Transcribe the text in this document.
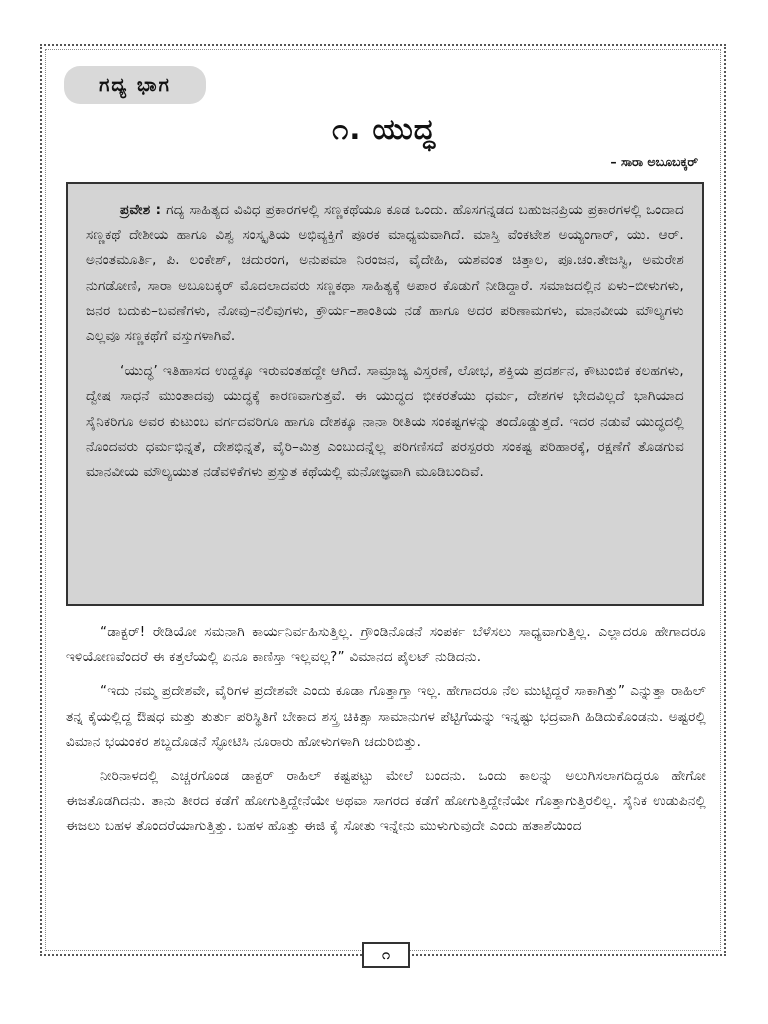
ಗದ್ಯ ಭಾಗ
೧. ಯುದ್ಧ
– ಸಾರಾ ಅಬೂಬಕ್ಕರ್

ಪ್ರವೇಶ : ಗದ್ಯ ಸಾಹಿತ್ಯದ ವಿವಿಧ ಪ್ರಕಾರಗಳಲ್ಲಿ ಸಣ್ಣಕಥೆಯೂ ಕೂಡ ಒಂದು. ಹೊಸಗನ್ನಡದ ಬಹುಜನಪ್ರಿಯ ಪ್ರಕಾರಗಳಲ್ಲಿ ಒಂದಾದ ಸಣ್ಣಕಥೆ ದೇಶೀಯ ಹಾಗೂ ವಿಶ್ವ ಸಂಸ್ಕೃತಿಯ ಅಭಿವ್ಯಕ್ತಿಗೆ ಪೂರಕ ಮಾಧ್ಯಮವಾಗಿದೆ. ಮಾಸ್ತಿ ವೆಂಕಟೇಶ ಅಯ್ಯಂಗಾರ್, ಯು. ಆರ್. ಅನಂತಮೂರ್ತಿ, ಪಿ. ಲಂಕೇಶ್, ಚದುರಂಗ, ಅನುಪಮಾ ನಿರಂಜನ, ವೈದೇಹಿ, ಯಶವಂತ ಚಿತ್ತಾಲ, ಪೂ.ಚಂ.ತೇಜಸ್ವಿ, ಅಮರೇಶ ನುಗಡೋಣಿ, ಸಾರಾ ಅಬೂಬಕ್ಕರ್ ಮೊದಲಾದವರು ಸಣ್ಣಕಥಾ ಸಾಹಿತ್ಯಕ್ಕೆ ಅಪಾರ ಕೊಡುಗೆ ನೀಡಿದ್ದಾರೆ. ಸಮಾಜದಲ್ಲಿನ ಏಳು–ಬೀಳುಗಳು, ಜನರ ಬದುಕು–ಬವಣೆಗಳು, ನೋವು–ನಲಿವುಗಳು, ಕ್ರೌರ್ಯ–ಶಾಂತಿಯ ನಡೆ ಹಾಗೂ ಅದರ ಪರಿಣಾಮಗಳು, ಮಾನವೀಯ ಮೌಲ್ಯಗಳು ಎಲ್ಲವೂ ಸಣ್ಣಕಥೆಗೆ ವಸ್ತುಗಳಾಗಿವೆ.

‘ಯುದ್ಧ’ ಇತಿಹಾಸದ ಉದ್ದಕ್ಕೂ ಇರುವಂತಹದ್ದೇ ಆಗಿದೆ. ಸಾಮ್ರಾಜ್ಯ ವಿಸ್ತರಣೆ, ಲೋಭ, ಶಕ್ತಿಯ ಪ್ರದರ್ಶನ, ಕೌಟುಂಬಿಕ ಕಲಹಗಳು, ದ್ವೇಷ ಸಾಧನೆ ಮುಂತಾದವು ಯುದ್ಧಕ್ಕೆ ಕಾರಣವಾಗುತ್ತವೆ. ಈ ಯುದ್ಧದ ಭೀಕರತೆಯು ಧರ್ಮ, ದೇಶಗಳ ಭೇದವಿಲ್ಲದೆ ಭಾಗಿಯಾದ ಸೈನಿಕರಿಗೂ ಅವರ ಕುಟುಂಬ ವರ್ಗದವರಿಗೂ ಹಾಗೂ ದೇಶಕ್ಕೂ ನಾನಾ ರೀತಿಯ ಸಂಕಷ್ಟಗಳನ್ನು ತಂದೊಡ್ಡುತ್ತದೆ. ಇದರ ನಡುವೆ ಯುದ್ಧದಲ್ಲಿ ನೊಂದವರು ಧರ್ಮಭಿನ್ನತೆ, ದೇಶಭಿನ್ನತೆ, ವೈರಿ–ಮಿತ್ರ ಎಂಬುದನ್ನೆಲ್ಲ ಪರಿಗಣಿಸದೆ ಪರಸ್ಪರರು ಸಂಕಷ್ಟ ಪರಿಹಾರಕ್ಕೆ, ರಕ್ಷಣೆಗೆ ತೊಡಗುವ ಮಾನವೀಯ ಮೌಲ್ಯಯುತ ನಡೆವಳಿಕೆಗಳು ಪ್ರಸ್ತುತ ಕಥೆಯಲ್ಲಿ ಮನೋಜ್ಞವಾಗಿ ಮೂಡಿಬಂದಿವೆ.

“ಡಾಕ್ಟರ್! ರೇಡಿಯೋ ಸಮನಾಗಿ ಕಾರ್ಯನಿರ್ವಹಿಸುತ್ತಿಲ್ಲ. ಗ್ರೌಂಡಿನೊಡನೆ ಸಂಪರ್ಕ ಬೆಳೆಸಲು ಸಾಧ್ಯವಾಗುತ್ತಿಲ್ಲ. ಎಲ್ಲಾದರೂ ಹೇಗಾದರೂ ಇಳಿಯೋಣವೆಂದರೆ ಈ ಕತ್ತಲೆಯಲ್ಲಿ ಏನೂ ಕಾಣಿಸ್ತಾ ಇಲ್ಲವಲ್ಲ?” ವಿಮಾನದ ಪೈಲಟ್ ನುಡಿದನು.

“ಇದು ನಮ್ಮ ಪ್ರದೇಶವೇ, ವೈರಿಗಳ ಪ್ರದೇಶವೇ ಎಂದು ಕೂಡಾ ಗೊತ್ತಾಗ್ತಾ ಇಲ್ಲ. ಹೇಗಾದರೂ ನೆಲ ಮುಟ್ಟಿದ್ದರೆ ಸಾಕಾಗಿತ್ತು” ಎನ್ನುತ್ತಾ ರಾಹಿಲ್ ತನ್ನ ಕೈಯಲ್ಲಿದ್ದ ಔಷಧ ಮತ್ತು ತುರ್ತು ಪರಿಸ್ಥಿತಿಗೆ ಬೇಕಾದ ಶಸ್ತ್ರ ಚಿಕಿತ್ಸಾ ಸಾಮಾನುಗಳ ಪೆಟ್ಟಿಗೆಯನ್ನು ಇನ್ನಷ್ಟು ಭದ್ರವಾಗಿ ಹಿಡಿದುಕೊಂಡನು. ಅಷ್ಟರಲ್ಲಿ ವಿಮಾನ ಭಯಂಕರ ಶಬ್ದದೊಡನೆ ಸ್ಫೋಟಿಸಿ ನೂರಾರು ಹೋಳುಗಳಾಗಿ ಚದುರಿಬಿತ್ತು.

ನೀರಿನಾಳದಲ್ಲಿ ಎಚ್ಚರಗೊಂಡ ಡಾಕ್ಟರ್ ರಾಹಿಲ್ ಕಷ್ಟಪಟ್ಟು ಮೇಲೆ ಬಂದನು. ಒಂದು ಕಾಲನ್ನು ಅಲುಗಿಸಲಾಗದಿದ್ದರೂ ಹೇಗೋ ಈಜತೊಡಗಿದನು. ತಾನು ತೀರದ ಕಡೆಗೆ ಹೋಗುತ್ತಿದ್ದೇನೆಯೇ ಅಥವಾ ಸಾಗರದ ಕಡೆಗೆ ಹೋಗುತ್ತಿದ್ದೇನೆಯೇ ಗೊತ್ತಾಗುತ್ತಿರಲಿಲ್ಲ. ಸೈನಿಕ ಉಡುಪಿನಲ್ಲಿ ಈಜಲು ಬಹಳ ತೊಂದರೆಯಾಗುತ್ತಿತ್ತು. ಬಹಳ ಹೊತ್ತು ಈಜಿ ಕೈ ಸೋತು ಇನ್ನೇನು ಮುಳುಗುವುದೇ ಎಂದು ಹತಾಶೆಯಿಂದ

೧
